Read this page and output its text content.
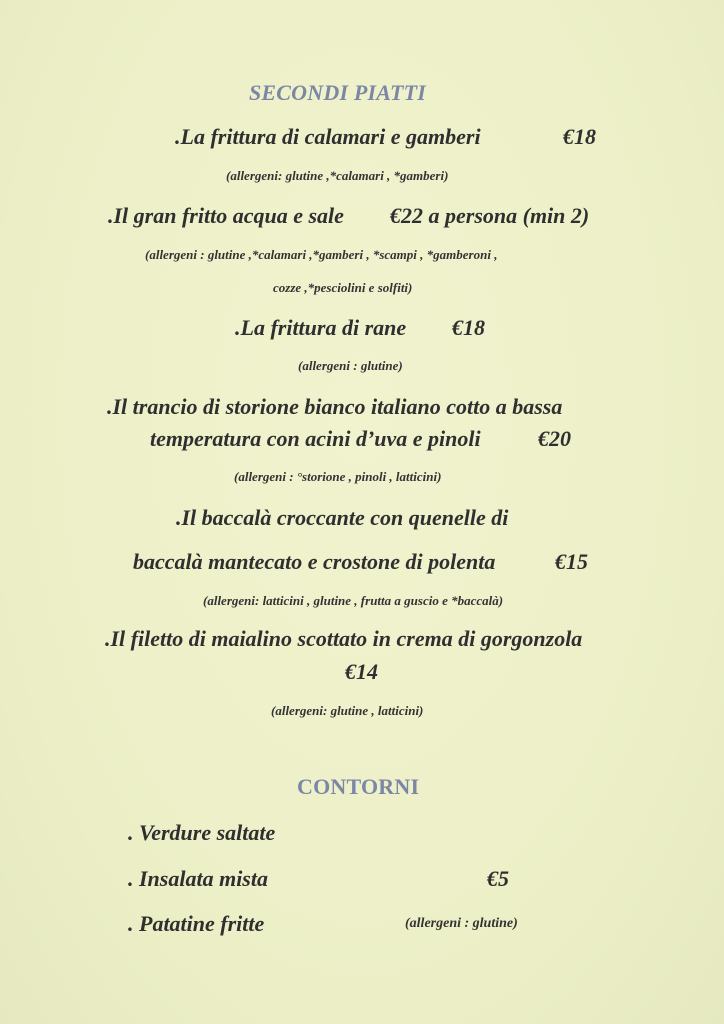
SECONDI PIATTI
.La frittura di calamari e gamberi	€18
(allergeni: glutine ,*calamari , *gamberi)
.Il gran fritto acqua e sale €22 a persona (min 2)
(allergeni : glutine ,*calamari ,*gamberi , *scampi , *gamberoni ,
cozze ,*pesciolini e solfiti)
.La frittura di rane €18
(allergeni : glutine)
.Il trancio di storione bianco italiano cotto a bassa
temperatura con acini d’uva e pinoli	€20
(allergeni : °storione , pinoli , latticini)
.Il baccalà croccante con quenelle di
baccalà mantecato e crostone di polenta	€15
(allergeni: latticini , glutine , frutta a guscio e *baccalà)
.Il filetto di maialino scottato in crema di gorgonzola
€14
(allergeni: glutine , latticini)
CONTORNI
. Verdure saltate
. Insalata mista	€5
. Patatine fritte	(allergeni : glutine)
